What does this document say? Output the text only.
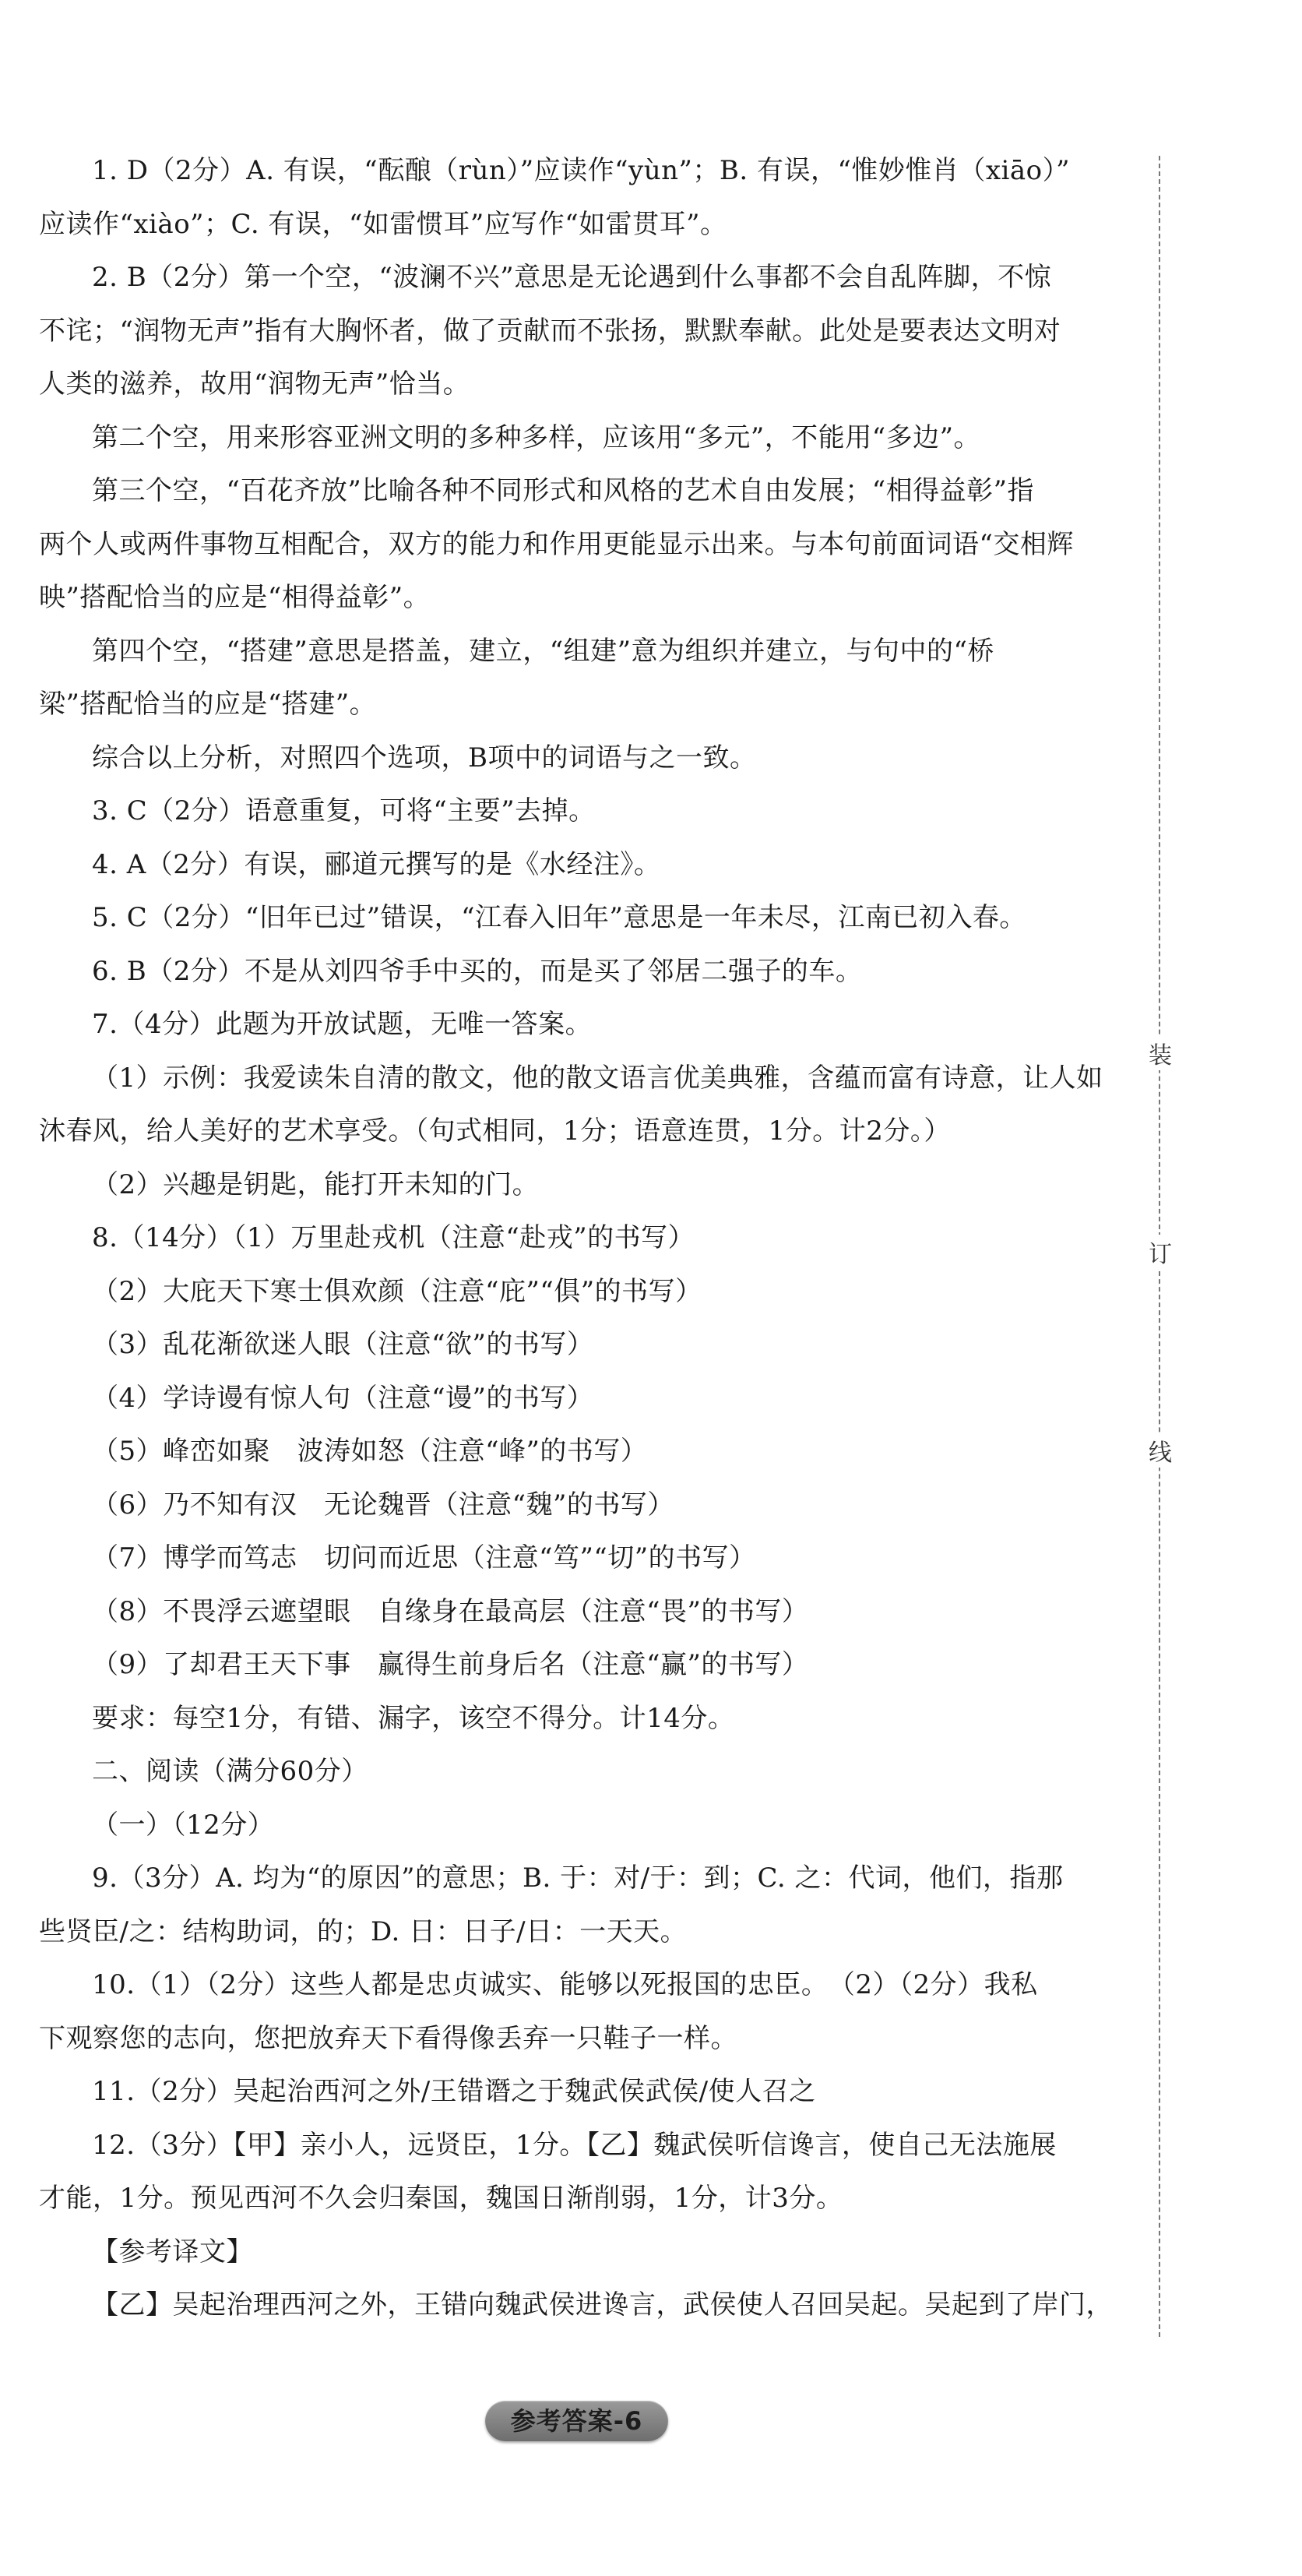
1. D（2分）A. 有误，“酝酿（rùn）”应读作“yùn”；B. 有误，“惟妙惟肖（xiāo）”
应读作“xiào”；C. 有误，“如雷惯耳”应写作“如雷贯耳”。
2. B（2分）第一个空，“波澜不兴”意思是无论遇到什么事都不会自乱阵脚，不惊
不诧；“润物无声”指有大胸怀者，做了贡献而不张扬，默默奉献。此处是要表达文明对
人类的滋养，故用“润物无声”恰当。
第二个空，用来形容亚洲文明的多种多样，应该用“多元”，不能用“多边”。
第三个空，“百花齐放”比喻各种不同形式和风格的艺术自由发展；“相得益彰”指
两个人或两件事物互相配合，双方的能力和作用更能显示出来。与本句前面词语“交相辉
映”搭配恰当的应是“相得益彰”。
第四个空，“搭建”意思是搭盖，建立，“组建”意为组织并建立，与句中的“桥
梁”搭配恰当的应是“搭建”。
综合以上分析，对照四个选项，B项中的词语与之一致。
3. C（2分）语意重复，可将“主要”去掉。
4. A（2分）有误，郦道元撰写的是《水经注》。
5. C（2分）“旧年已过”错误，“江春入旧年”意思是一年未尽，江南已初入春。
6. B（2分）不是从刘四爷手中买的，而是买了邻居二强子的车。
7.（4分）此题为开放试题，无唯一答案。
（1）示例：我爱读朱自清的散文，他的散文语言优美典雅，含蕴而富有诗意，让人如
沐春风，给人美好的艺术享受。（句式相同，1分；语意连贯，1分。计2分。）
（2）兴趣是钥匙，能打开未知的门。
8.（14分）（1）万里赴戎机（注意“赴戎”的书写）
（2）大庇天下寒士俱欢颜（注意“庇”“俱”的书写）
（3）乱花渐欲迷人眼（注意“欲”的书写）
（4）学诗谩有惊人句（注意“谩”的书写）
（5）峰峦如聚　波涛如怒（注意“峰”的书写）
（6）乃不知有汉　无论魏晋（注意“魏”的书写）
（7）博学而笃志　切问而近思（注意“笃”“切”的书写）
（8）不畏浮云遮望眼　自缘身在最高层（注意“畏”的书写）
（9）了却君王天下事　赢得生前身后名（注意“赢”的书写）
要求：每空1分，有错、漏字，该空不得分。计14分。
二、阅读（满分60分）
（一）（12分）
9.（3分）A. 均为“的原因”的意思；B. 于：对/于：到；C. 之：代词，他们，指那
些贤臣/之：结构助词，的；D. 日：日子/日：一天天。
10.（1）（2分）这些人都是忠贞诚实、能够以死报国的忠臣。　（2）（2分）我私
下观察您的志向，您把放弃天下看得像丢弃一只鞋子一样。
11.（2分）吴起治西河之外/王错谮之于魏武侯武侯/使人召之
12.（3分）【甲】亲小人，远贤臣，1分。【乙】魏武侯听信谗言，使自己无法施展
才能，1分。预见西河不久会归秦国，魏国日渐削弱，1分，计3分。
【参考译文】
【乙】吴起治理西河之外，王错向魏武侯进谗言，武侯使人召回吴起。吴起到了岸门，
装
订
线
参考答案-6
